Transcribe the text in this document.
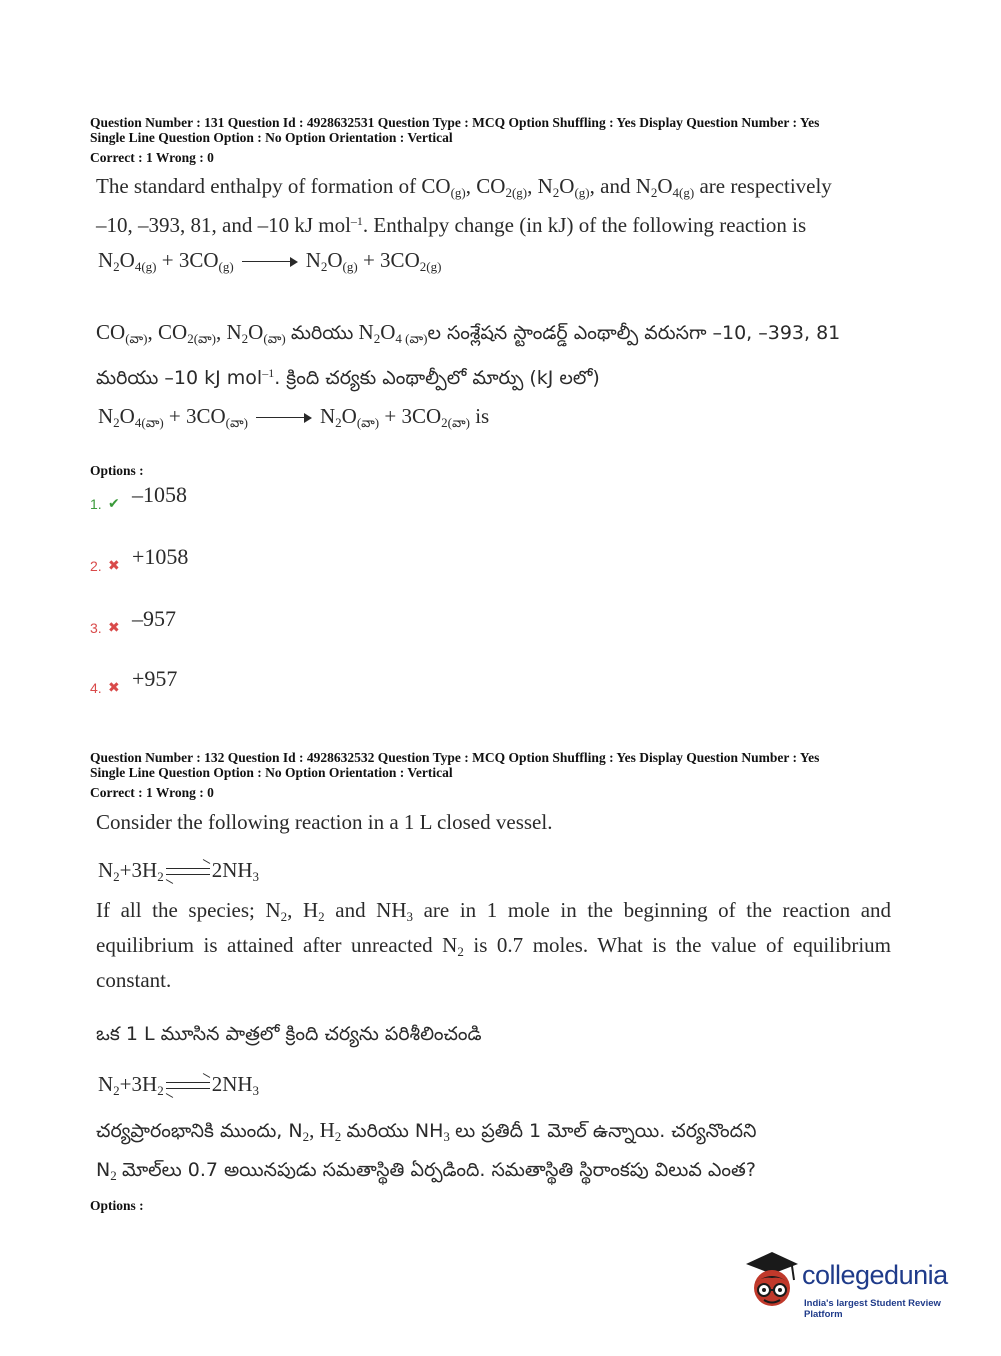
Question Number : 131 Question Id : 4928632531 Question Type : MCQ Option Shuffling : Yes Display Question Number : Yes
Single Line Question Option : No Option Orientation : Vertical
Correct : 1 Wrong : 0
The standard enthalpy of formation of $CO_{(g)}$, $CO_{2(g)}$, $N_2O_{(g)}$, and $N_2O_{4(g)}$ are respectively
–10, –393, 81, and –10 kJ mol$^{-1}$. Enthalpy change (in kJ) of the following reaction is
$N_2O_{4(g)} + 3CO_{(g)}$	$N_2O_{(g)} + 3CO_{2(g)}$
$CO_{(వా)}$, $CO_{2(వా)}$, $N_2O_{(వా)}$ మరియు $N_2O_{4 (వా)}ల$ సంశ్లేషన స్టాండర్డ్ ఎంథాల్పీ వరుసగా –10, –393, 81
మరియు –10 kJ mol$^{-1}$. క్రింది చర్యకు ఎంథాల్పీలో మార్పు (kJ లలో)
$N_2O_{4(వా)} + 3CO_{(వా)}$	$N_2O_{(వా)} + 3CO_{2(వా)}$ is
Options :
1. ✔ –1058
2. ✖ +1058
3. ✖ –957
4. ✖ +957
Question Number : 132 Question Id : 4928632532 Question Type : MCQ Option Shuffling : Yes Display Question Number : Yes
Single Line Question Option : No Option Orientation : Vertical
Correct : 1 Wrong : 0
Consider the following reaction in a 1 L closed vessel.
$N_2+3H_2$ ⇌ $2NH_3$
If all the species; $N_2$, $H_2$ and $NH_3$ are in 1 mole in the beginning of the reaction and
equilibrium is attained after unreacted $N_2$ is 0.7 moles. What is the value of equilibrium
constant.
ఒక 1 L మూసిన పాత్రలో క్రింది చర్యను పరిశీలించండి
$N_2+3H_2$ ⇌ $2NH_3$
చర్యప్రారంభానికి ముందు, $N_2$, $H_2$ మరియు $NH_3$ లు ప్రతిదీ 1 మోల్ ఉన్నాయి. చర్యనొందని
$N_2$ మోల్‌లు 0.7 అయినపుడు సమతాస్థితి ఏర్పడింది. సమతాస్థితి స్థిరాంకపు విలువ ఎంత?
Options :
collegedunia
India's largest Student Review Platform
